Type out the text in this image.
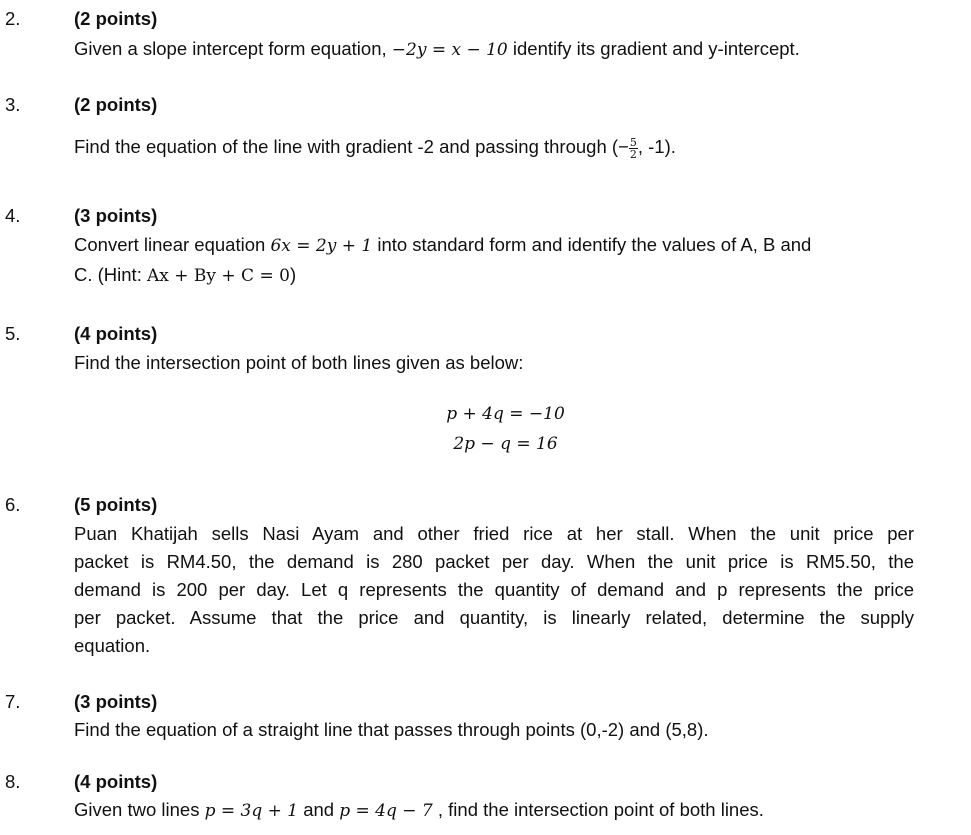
2.	(2 points)
Given a slope intercept form equation, −2y = x − 10 identify its gradient and y-intercept.
3.	(2 points)
Find the equation of the line with gradient -2 and passing through (− $\frac{5}{2}$ , -1).
4.	(3 points)
Convert linear equation 6x = 2y + 1 into standard form and identify the values of A, B and
C. (Hint: Ax + By + C = 0)
5.	(4 points)
Find the intersection point of both lines given as below:
p + 4q = −10
2p − q = 16
6.	(5 points)
Puan Khatijah sells Nasi Ayam and other fried rice at her stall. When the unit price per
packet is RM4.50, the demand is 280 packet per day. When the unit price is RM5.50, the
demand is 200 per day. Let q represents the quantity of demand and p represents the price
per packet. Assume that the price and quantity, is linearly related, determine the supply
equation.
7.	(3 points)
Find the equation of a straight line that passes through points (0,-2) and (5,8).
8.	(4 points)
Given two lines p = 3q + 1 and p = 4q − 7 , find the intersection point of both lines.
